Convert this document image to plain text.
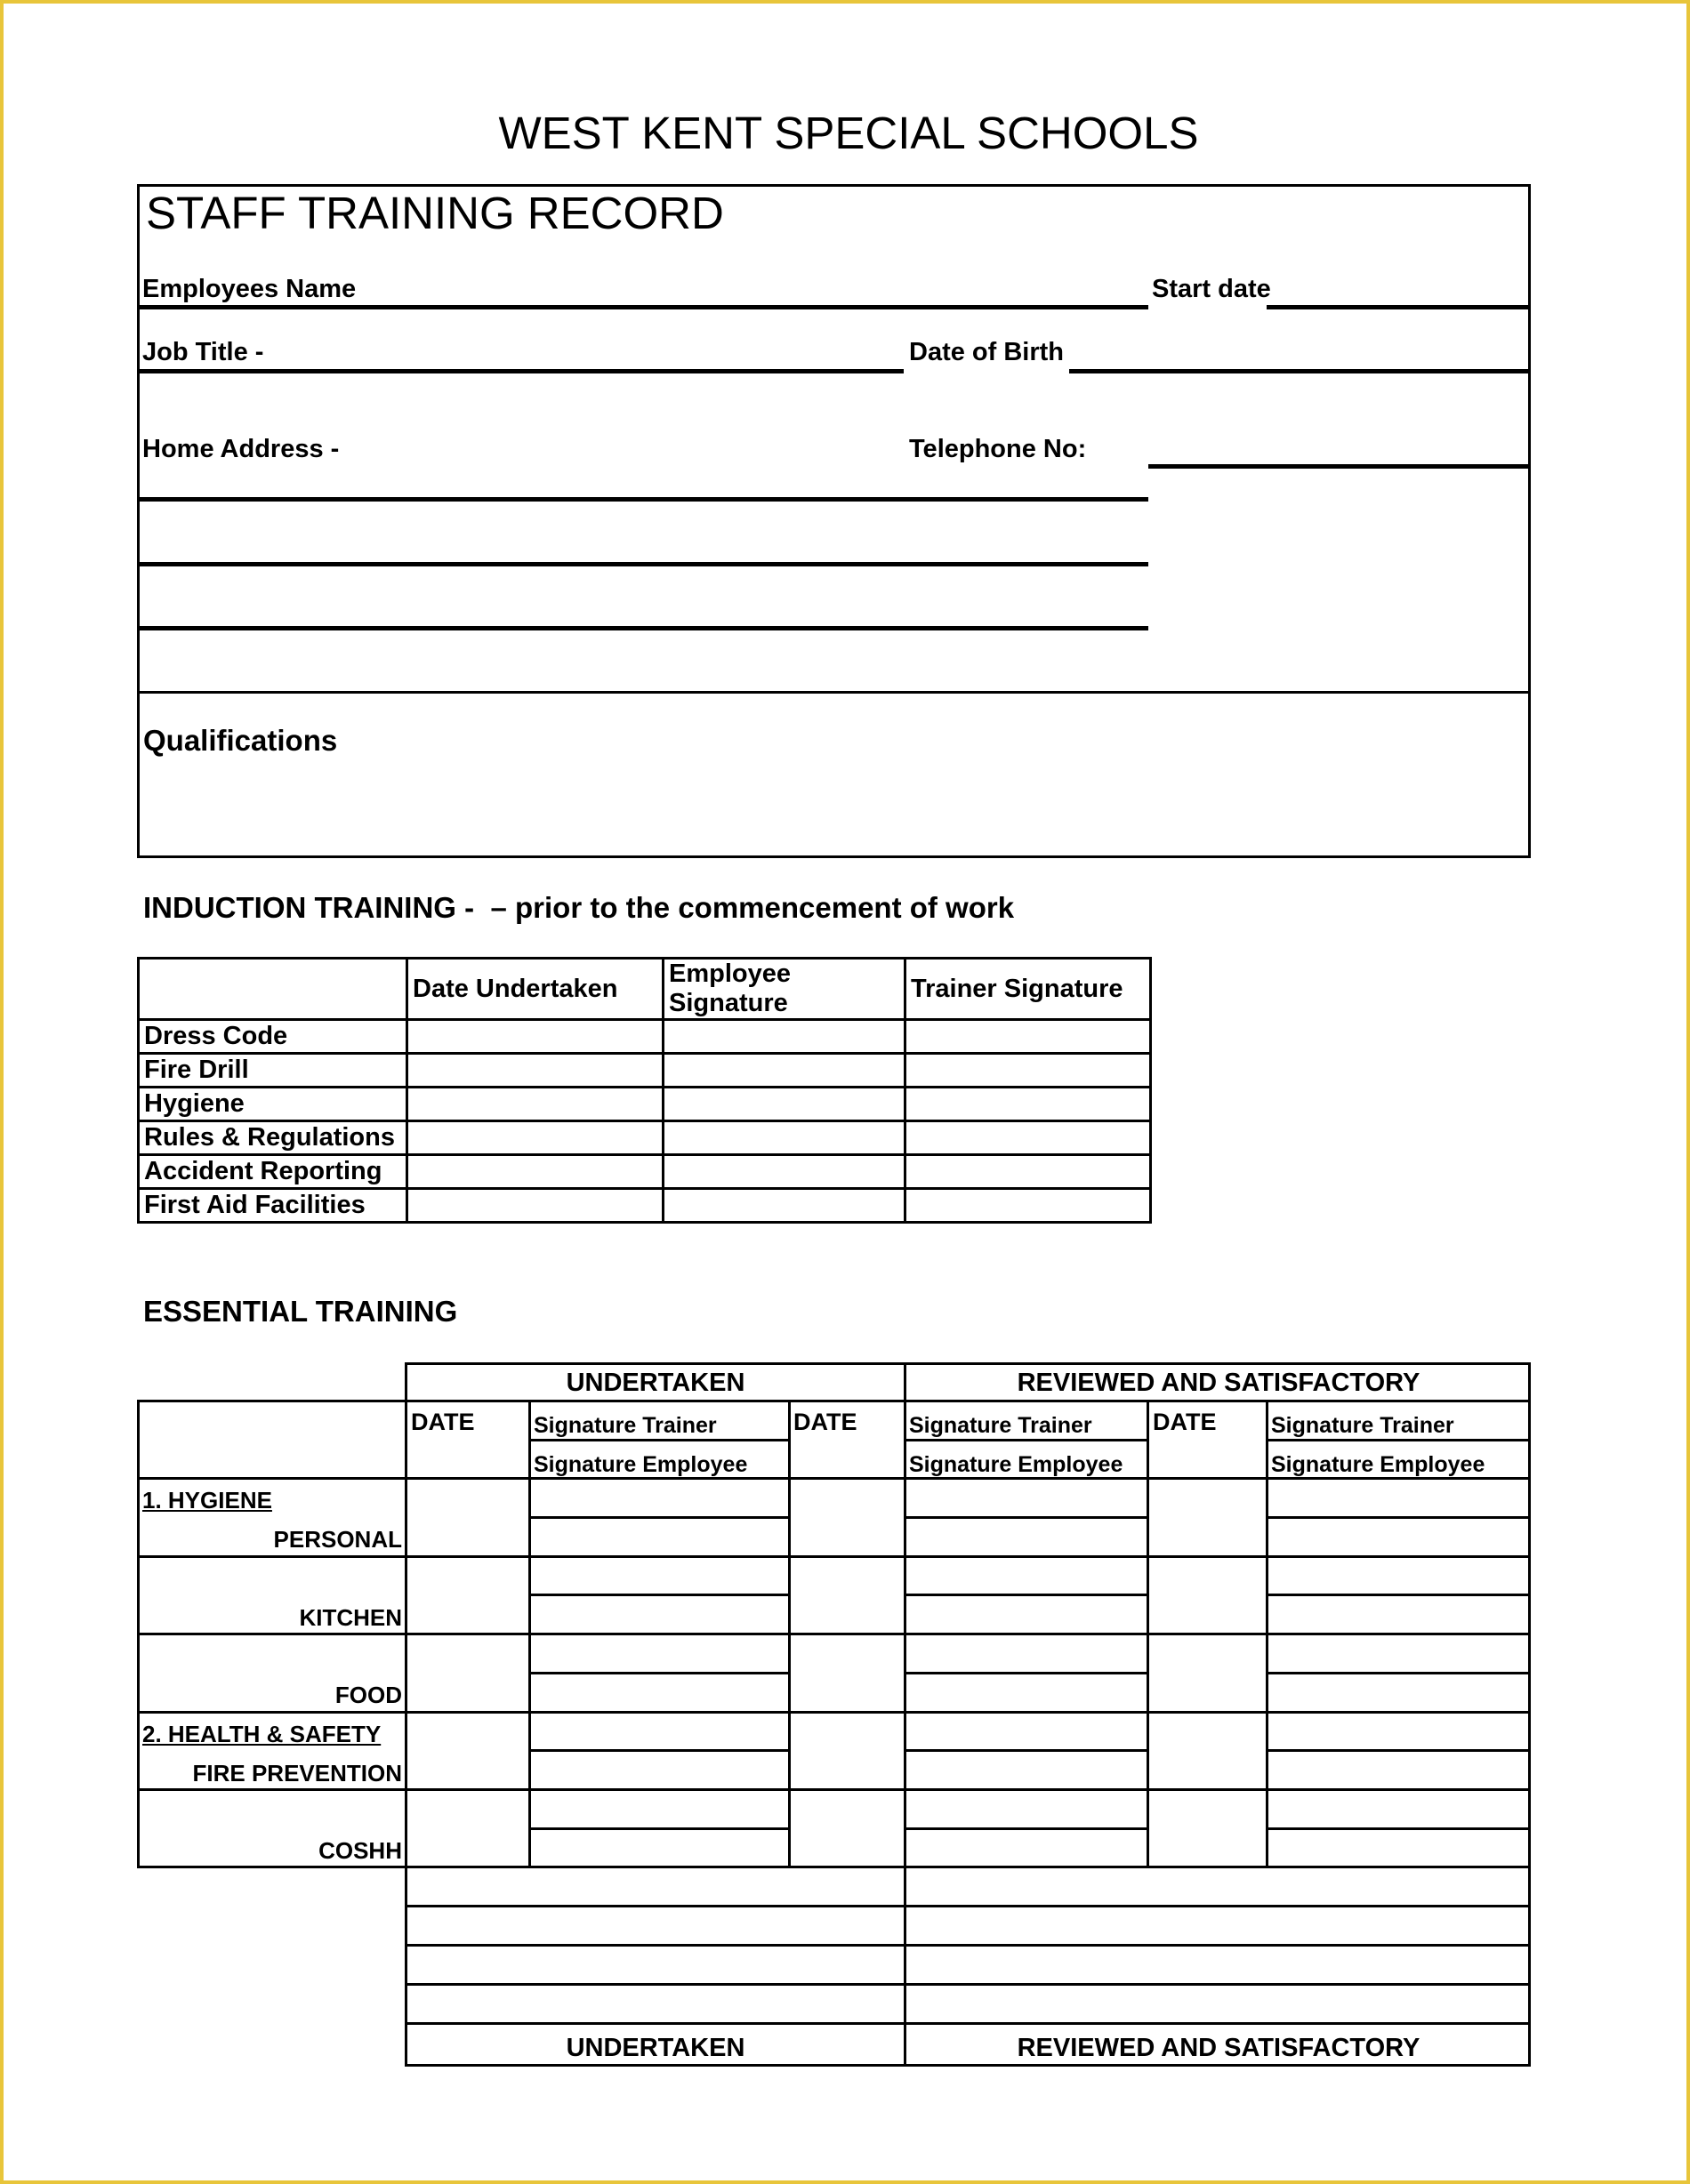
WEST KENT SPECIAL SCHOOLS
STAFF TRAINING RECORD
Employees Name	Start date
Job Title -	Date of Birth
Home Address -	Telephone No:
Qualifications
INDUCTION TRAINING -  – prior to the commencement of work
	Date Undertaken	Employee Signature	Trainer Signature
Dress Code			
Fire Drill			
Hygiene			
Rules & Regulations			
Accident Reporting			
First Aid Facilities			
ESSENTIAL TRAINING
UNDERTAKEN	REVIEWED AND SATISFACTORY
DATE	DATE	DATE
Signature Trainer	Signature Trainer	Signature Trainer
Signature Employee	Signature Employee	Signature Employee
1. HYGIENE
PERSONAL
KITCHEN
FOOD
2. HEALTH & SAFETY
FIRE PREVENTION
COSHH
UNDERTAKEN	REVIEWED AND SATISFACTORY
